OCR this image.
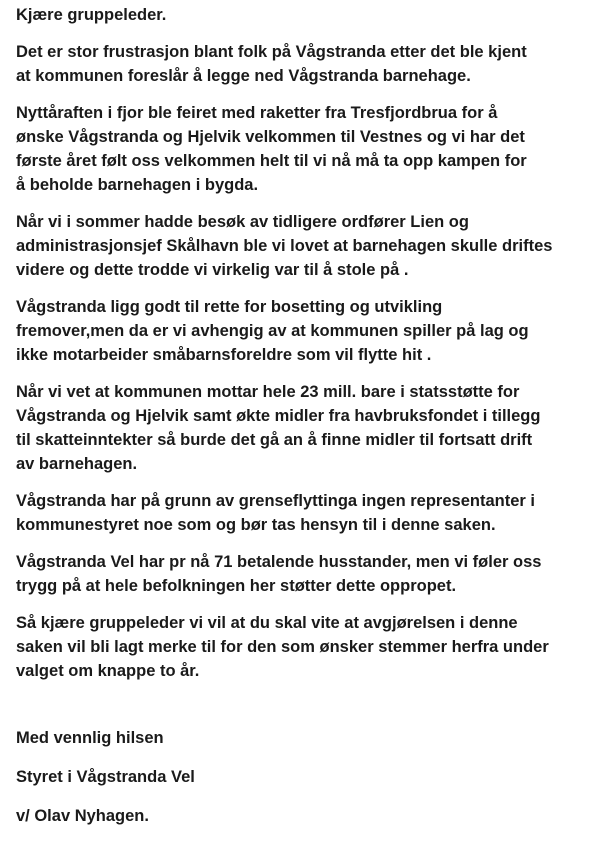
Kjære gruppeleder.
Det er stor frustrasjon blant folk på Vågstranda etter det ble kjent
at kommunen foreslår å legge ned Vågstranda barnehage.
Nyttåraften i fjor ble feiret med raketter fra Tresfjordbrua for å
ønske Vågstranda og Hjelvik velkommen til Vestnes og vi har det
første året følt oss velkommen helt til vi nå må ta opp kampen for
å beholde barnehagen i bygda.
Når vi i sommer hadde besøk av tidligere ordfører Lien og
administrasjonsjef Skålhavn ble vi lovet at barnehagen skulle driftes
videre og dette trodde vi virkelig var til å stole på .
Vågstranda ligg godt til rette for bosetting og utvikling
fremover,men da er vi avhengig av at kommunen spiller på lag og
ikke motarbeider småbarnsforeldre som vil flytte hit .
Når vi vet at kommunen mottar hele 23 mill. bare i statsstøtte for
Vågstranda og Hjelvik samt økte midler fra havbruksfondet i tillegg
til skatteinntekter så burde det gå an å finne midler til fortsatt drift
av barnehagen.
Vågstranda har på grunn av grenseflyttinga ingen representanter i
kommunestyret noe som og bør tas hensyn til i denne saken.
Vågstranda Vel har pr nå 71 betalende husstander, men vi føler oss
trygg på at hele befolkningen her støtter dette oppropet.
Så kjære gruppeleder vi vil at du skal vite at avgjørelsen i denne
saken vil bli lagt merke til for den som ønsker stemmer herfra under
valget om knappe to år.
Med vennlig hilsen
Styret i Vågstranda Vel
v/ Olav Nyhagen.
